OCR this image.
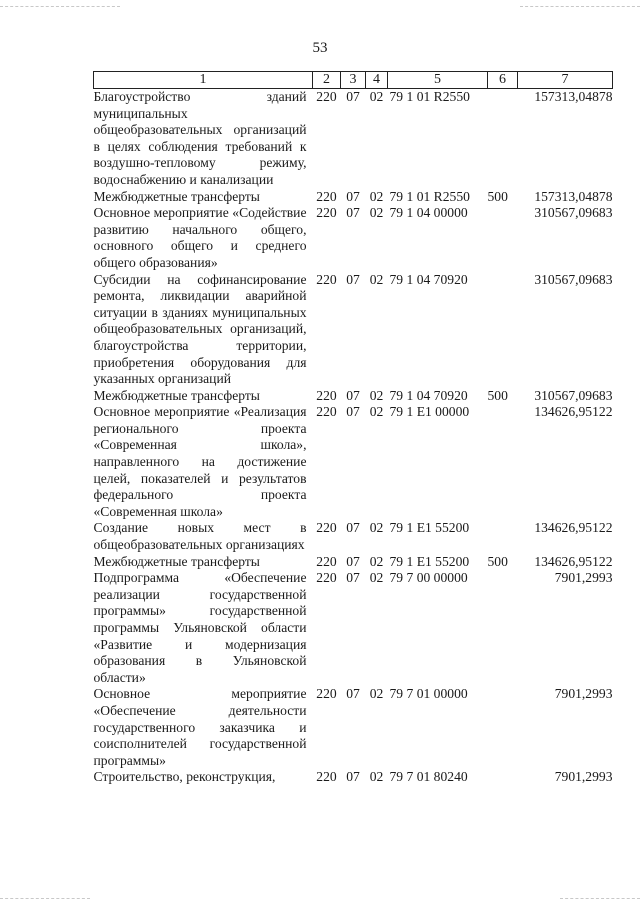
53
1	2	3	4	5	6	7
Благоустройство зданий муниципальных общеобразовательных организаций в целях соблюдения требований к воздушно-тепловому режиму, водоснабжению и канализации	220	07	02	79 1 01 R2550		157313,04878
Межбюджетные трансферты	220	07	02	79 1 01 R2550	500	157313,04878
Основное мероприятие «Содействие развитию начального общего, основного общего и среднего общего образования»	220	07	02	79 1 04 00000		310567,09683
Субсидии на софинансирование ремонта, ликвидации аварийной ситуации в зданиях муниципальных общеобразовательных организаций, благоустройства территории, приобретения оборудования для указанных организаций	220	07	02	79 1 04 70920		310567,09683
Межбюджетные трансферты	220	07	02	79 1 04 70920	500	310567,09683
Основное мероприятие «Реализация регионального проекта «Современная школа», направленного на достижение целей, показателей и результатов федерального проекта «Современная школа»	220	07	02	79 1 E1 00000		134626,95122
Создание новых мест в общеобразовательных организациях	220	07	02	79 1 E1 55200		134626,95122
Межбюджетные трансферты	220	07	02	79 1 E1 55200	500	134626,95122
Подпрограмма «Обеспечение реализации государственной программы» государственной программы Ульяновской области «Развитие и модернизация образования в Ульяновской области»	220	07	02	79 7 00 00000		7901,2993
Основное мероприятие «Обеспечение деятельности государственного заказчика и соисполнителей государственной программы»	220	07	02	79 7 01 00000		7901,2993
Строительство, реконструкция,	220	07	02	79 7 01 80240		7901,2993
